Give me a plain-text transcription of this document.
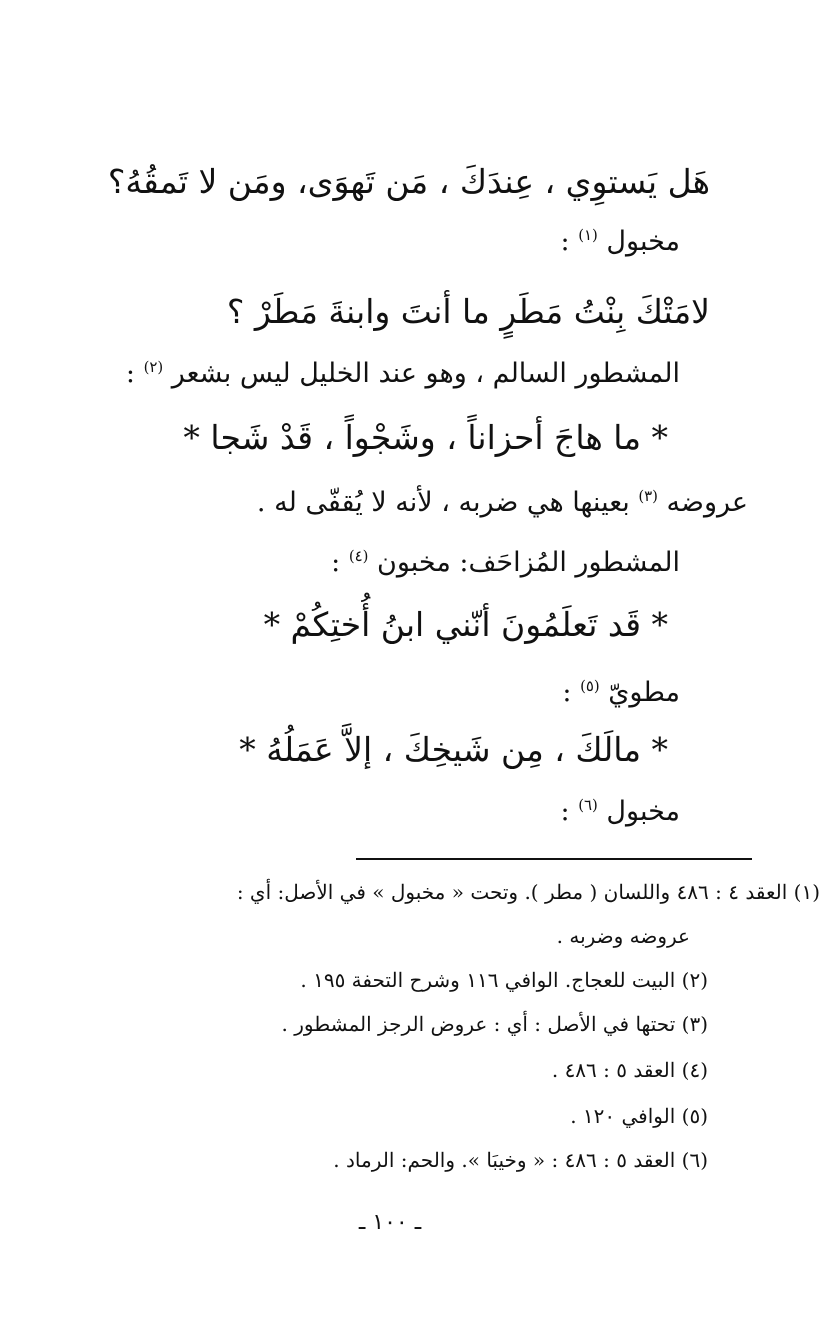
هَل يَستوِي ، عِندَكَ ، مَن تَهوَى، ومَن لا تَمقُهُ؟
مخبول $^{(١)}$ :
لامَتْكَ بِنْتُ مَطَرٍ ما أنتَ وابنةَ مَطَرْ ؟
المشطور السالم ، وهو عند الخليل ليس بشعر $^{(٢)}$ :
* ما هاجَ أحزاناً ، وشَجْواً ، قَدْ شَجا *
عروضه $^{(٣)}$ بعينها هي ضربه ، لأنه لا يُقفّى له .
المشطور المُزاحَف: مخبون $^{(٤)}$ :
* قَد تَعلَمُونَ أنّني ابنُ أُختِكُمْ *
مطويّ $^{(٥)}$ :
* مالَكَ ، مِن شَيخِكَ ، إلاَّ عَمَلُهُ *
مخبول $^{(٦)}$ :
(١) العقد ٤ : ٤٨٦ واللسان ( مطر ). وتحت « مخبول » في الأصل: أي :
عروضه وضربه .
(٢) البيت للعجاج. الوافي ١١٦ وشرح التحفة ١٩٥ .
(٣) تحتها في الأصل : أي : عروض الرجز المشطور .
(٤) العقد ٥ : ٤٨٦ .
(٥) الوافي ١٢٠ .
(٦) العقد ٥ : ٤٨٦ : « وخيبَا ». والحم: الرماد .
ـ ١٠٠ ـ
